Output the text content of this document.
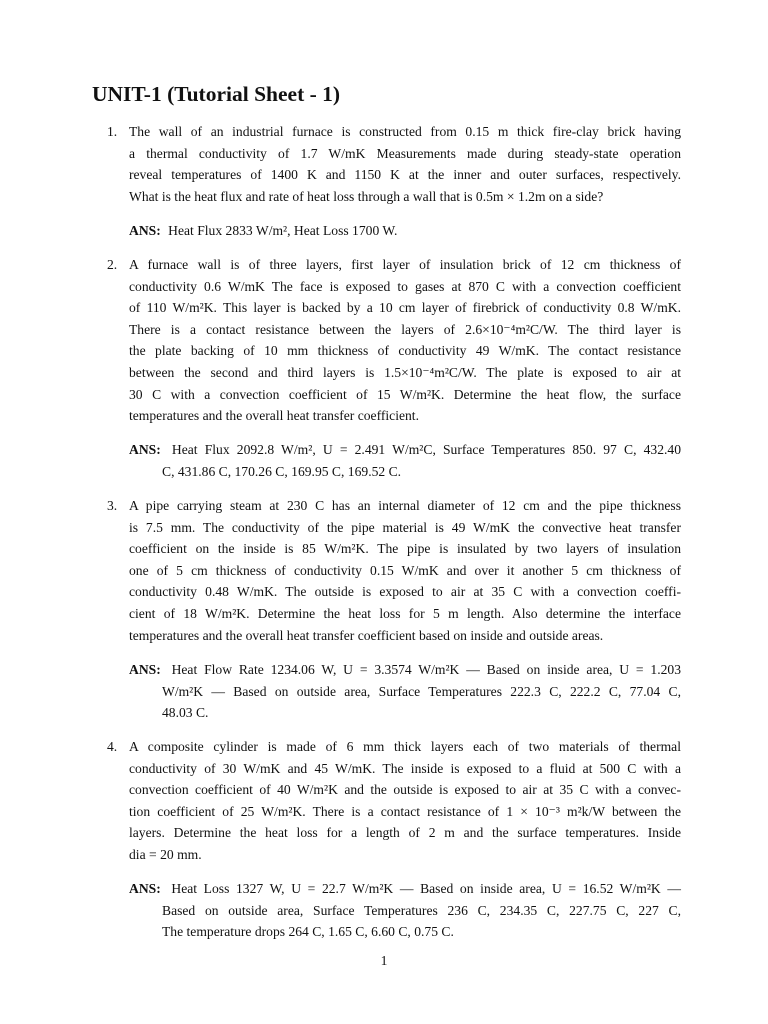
UNIT-1 (Tutorial Sheet - 1)
1. The wall of an industrial furnace is constructed from 0.15 m thick fire-clay brick having
a thermal conductivity of 1.7 W/mK Measurements made during steady-state operation
reveal temperatures of 1400 K and 1150 K at the inner and outer surfaces, respectively.
What is the heat flux and rate of heat loss through a wall that is 0.5m × 1.2m on a side?
ANS: Heat Flux 2833 W/m², Heat Loss 1700 W.
2. A furnace wall is of three layers, first layer of insulation brick of 12 cm thickness of
conductivity 0.6 W/mK The face is exposed to gases at 870 C with a convection coefficient
of 110 W/m²K. This layer is backed by a 10 cm layer of firebrick of conductivity 0.8 W/mK.
There is a contact resistance between the layers of 2.6×10⁻⁴m²C/W. The third layer is
the plate backing of 10 mm thickness of conductivity 49 W/mK. The contact resistance
between the second and third layers is 1.5×10⁻⁴m²C/W. The plate is exposed to air at
30 C with a convection coefficient of 15 W/m²K. Determine the heat flow, the surface
temperatures and the overall heat transfer coefficient.
ANS: Heat Flux 2092.8 W/m², U = 2.491 W/m²C, Surface Temperatures 850. 97 C, 432.40
C, 431.86 C, 170.26 C, 169.95 C, 169.52 C.
3. A pipe carrying steam at 230 C has an internal diameter of 12 cm and the pipe thickness
is 7.5 mm. The conductivity of the pipe material is 49 W/mK the convective heat transfer
coefficient on the inside is 85 W/m²K. The pipe is insulated by two layers of insulation
one of 5 cm thickness of conductivity 0.15 W/mK and over it another 5 cm thickness of
conductivity 0.48 W/mK. The outside is exposed to air at 35 C with a convection coeffi-
cient of 18 W/m²K. Determine the heat loss for 5 m length. Also determine the interface
temperatures and the overall heat transfer coefficient based on inside and outside areas.
ANS: Heat Flow Rate 1234.06 W, U = 3.3574 W/m²K — Based on inside area, U = 1.203
W/m²K — Based on outside area, Surface Temperatures 222.3 C, 222.2 C, 77.04 C,
48.03 C.
4. A composite cylinder is made of 6 mm thick layers each of two materials of thermal
conductivity of 30 W/mK and 45 W/mK. The inside is exposed to a fluid at 500 C with a
convection coefficient of 40 W/m²K and the outside is exposed to air at 35 C with a convec-
tion coefficient of 25 W/m²K. There is a contact resistance of 1 × 10⁻³ m²k/W between the
layers. Determine the heat loss for a length of 2 m and the surface temperatures. Inside
dia = 20 mm.
ANS: Heat Loss 1327 W, U = 22.7 W/m²K — Based on inside area, U = 16.52 W/m²K —
Based on outside area, Surface Temperatures 236 C, 234.35 C, 227.75 C, 227 C,
The temperature drops 264 C, 1.65 C, 6.60 C, 0.75 C.
1
